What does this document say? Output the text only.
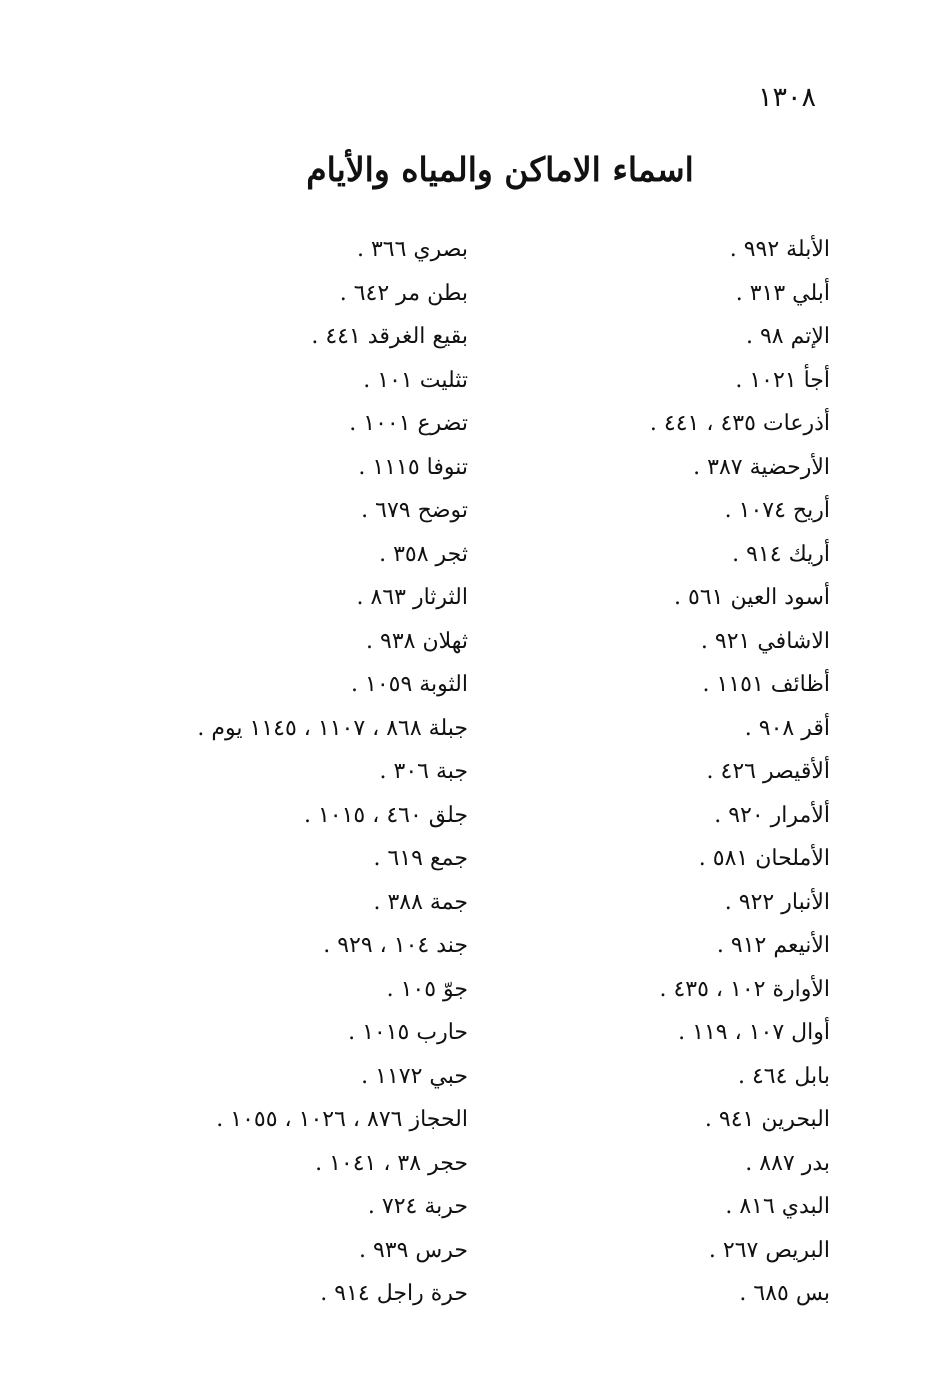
١٣٠٨
اسماء الاماكن والمياه والأيام
الأبلة ٩٩٢ .
أبلي ٣١٣ .
الإتم ٩٨ .
أجأ ١٠٢١ .
أذرعات ٤٣٥ ، ٤٤١ .
الأرحضية ٣٨٧ .
أريح ١٠٧٤ .
أريك ٩١٤ .
أسود العين ٥٦١ .
الاشافي ٩٢١ .
أظائف ١١٥١ .
أقر ٩٠٨ .
ألأقيصر ٤٢٦ .
ألأمرار ٩٢٠ .
الأملحان ٥٨١ .
الأنبار ٩٢٢ .
الأنيعم ٩١٢ .
الأوارة ١٠٢ ، ٤٣٥ .
أوال ١٠٧ ، ١١٩ .
بابل ٤٦٤ .
البحرين ٩٤١ .
بدر ٨٨٧ .
البدي ٨١٦ .
البريص ٢٦٧ .
بس ٦٨٥ .
بصري ٣٦٦ .
بطن مر ٦٤٢ .
بقيع الغرقد ٤٤١ .
تثليت ١٠١ .
تضرع ١٠٠١ .
تنوفا ١١١٥ .
توضح ٦٧٩ .
ثجر ٣٥٨ .
الثرثار ٨٦٣ .
ثهلان ٩٣٨ .
الثوبة ١٠٥٩ .
جبلة ٨٦٨ ، ١١٠٧ ، ١١٤٥ يوم .
جبة ٣٠٦ .
جلق ٤٦٠ ، ١٠١٥ .
جمع ٦١٩ .
جمة ٣٨٨ .
جند ١٠٤ ، ٩٢٩ .
جوّ ١٠٥ .
حارب ١٠١٥ .
حبي ١١٧٢ .
الحجاز ٨٧٦ ، ١٠٢٦ ، ١٠٥٥ .
حجر ٣٨ ، ١٠٤١ .
حربة ٧٢٤ .
حرس ٩٣٩ .
حرة راجل ٩١٤ .
